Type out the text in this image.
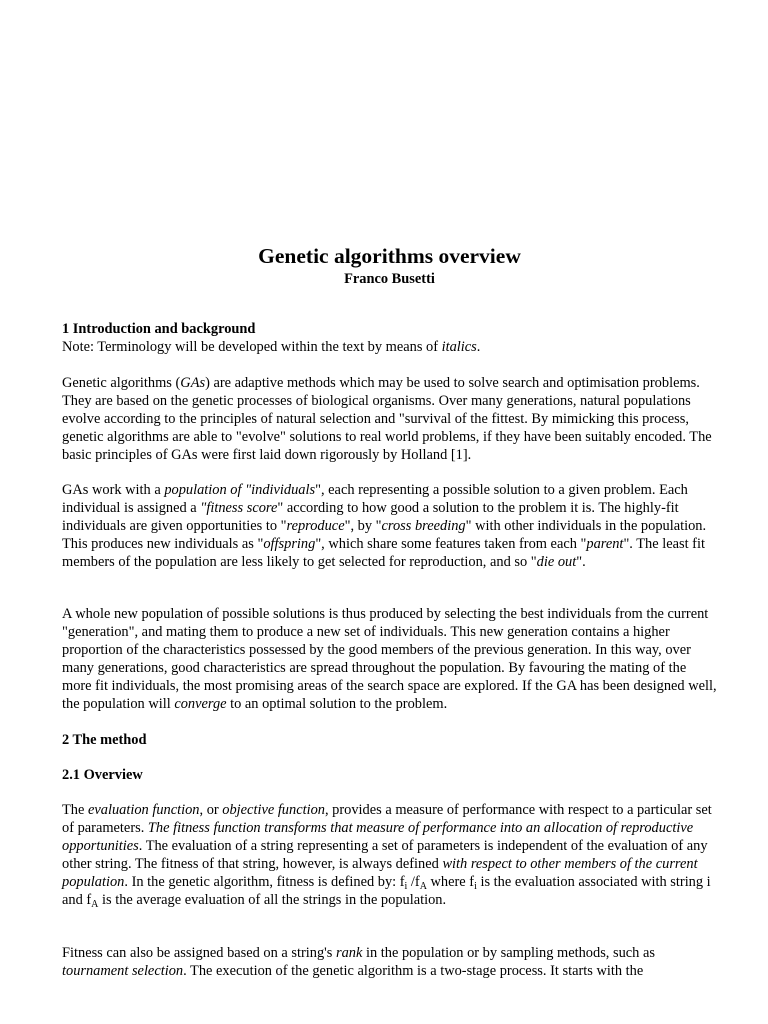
Genetic algorithms overview
Franco Busetti

1 Introduction and background

Note: Terminology will be developed within the text by means of italics.

Genetic algorithms (GAs) are adaptive methods which may be used to solve search and optimisation problems. They are based on the genetic processes of biological organisms. Over many generations, natural populations evolve according to the principles of natural selection and "survival of the fittest. By mimicking this process, genetic algorithms are able to "evolve" solutions to real world problems, if they have been suitably encoded. The basic principles of GAs were first laid down rigorously by Holland [1].

GAs work with a population of "individuals", each representing a possible solution to a given problem. Each individual is assigned a "fitness score" according to how good a solution to the problem it is. The highly-fit individuals are given opportunities to "reproduce", by "cross breeding" with other individuals in the population. This produces new individuals as "offspring", which share some features taken from each "parent". The least fit members of the population are less likely to get selected for reproduction, and so "die out".

A whole new population of possible solutions is thus produced by selecting the best individuals from the current "generation", and mating them to produce a new set of individuals. This new generation contains a higher proportion of the characteristics possessed by the good members of the previous generation. In this way, over many generations, good characteristics are spread throughout the population. By favouring the mating of the more fit individuals, the most promising areas of the search space are explored. If the GA has been designed well, the population will converge to an optimal solution to the problem.

2 The method

2.1 Overview

The evaluation function, or objective function, provides a measure of performance with respect to a particular set of parameters. The fitness function transforms that measure of performance into an allocation of reproductive opportunities. The evaluation of a string representing a set of parameters is independent of the evaluation of any other string. The fitness of that string, however, is always defined with respect to other members of the current population. In the genetic algorithm, fitness is defined by: $f_i$ $/f_A$ where $f_i$ is the evaluation associated with string i and $f_A$ is the average evaluation of all the strings in the population.

Fitness can also be assigned based on a string's rank in the population or by sampling methods, such as tournament selection. The execution of the genetic algorithm is a two-stage process. It starts with the
